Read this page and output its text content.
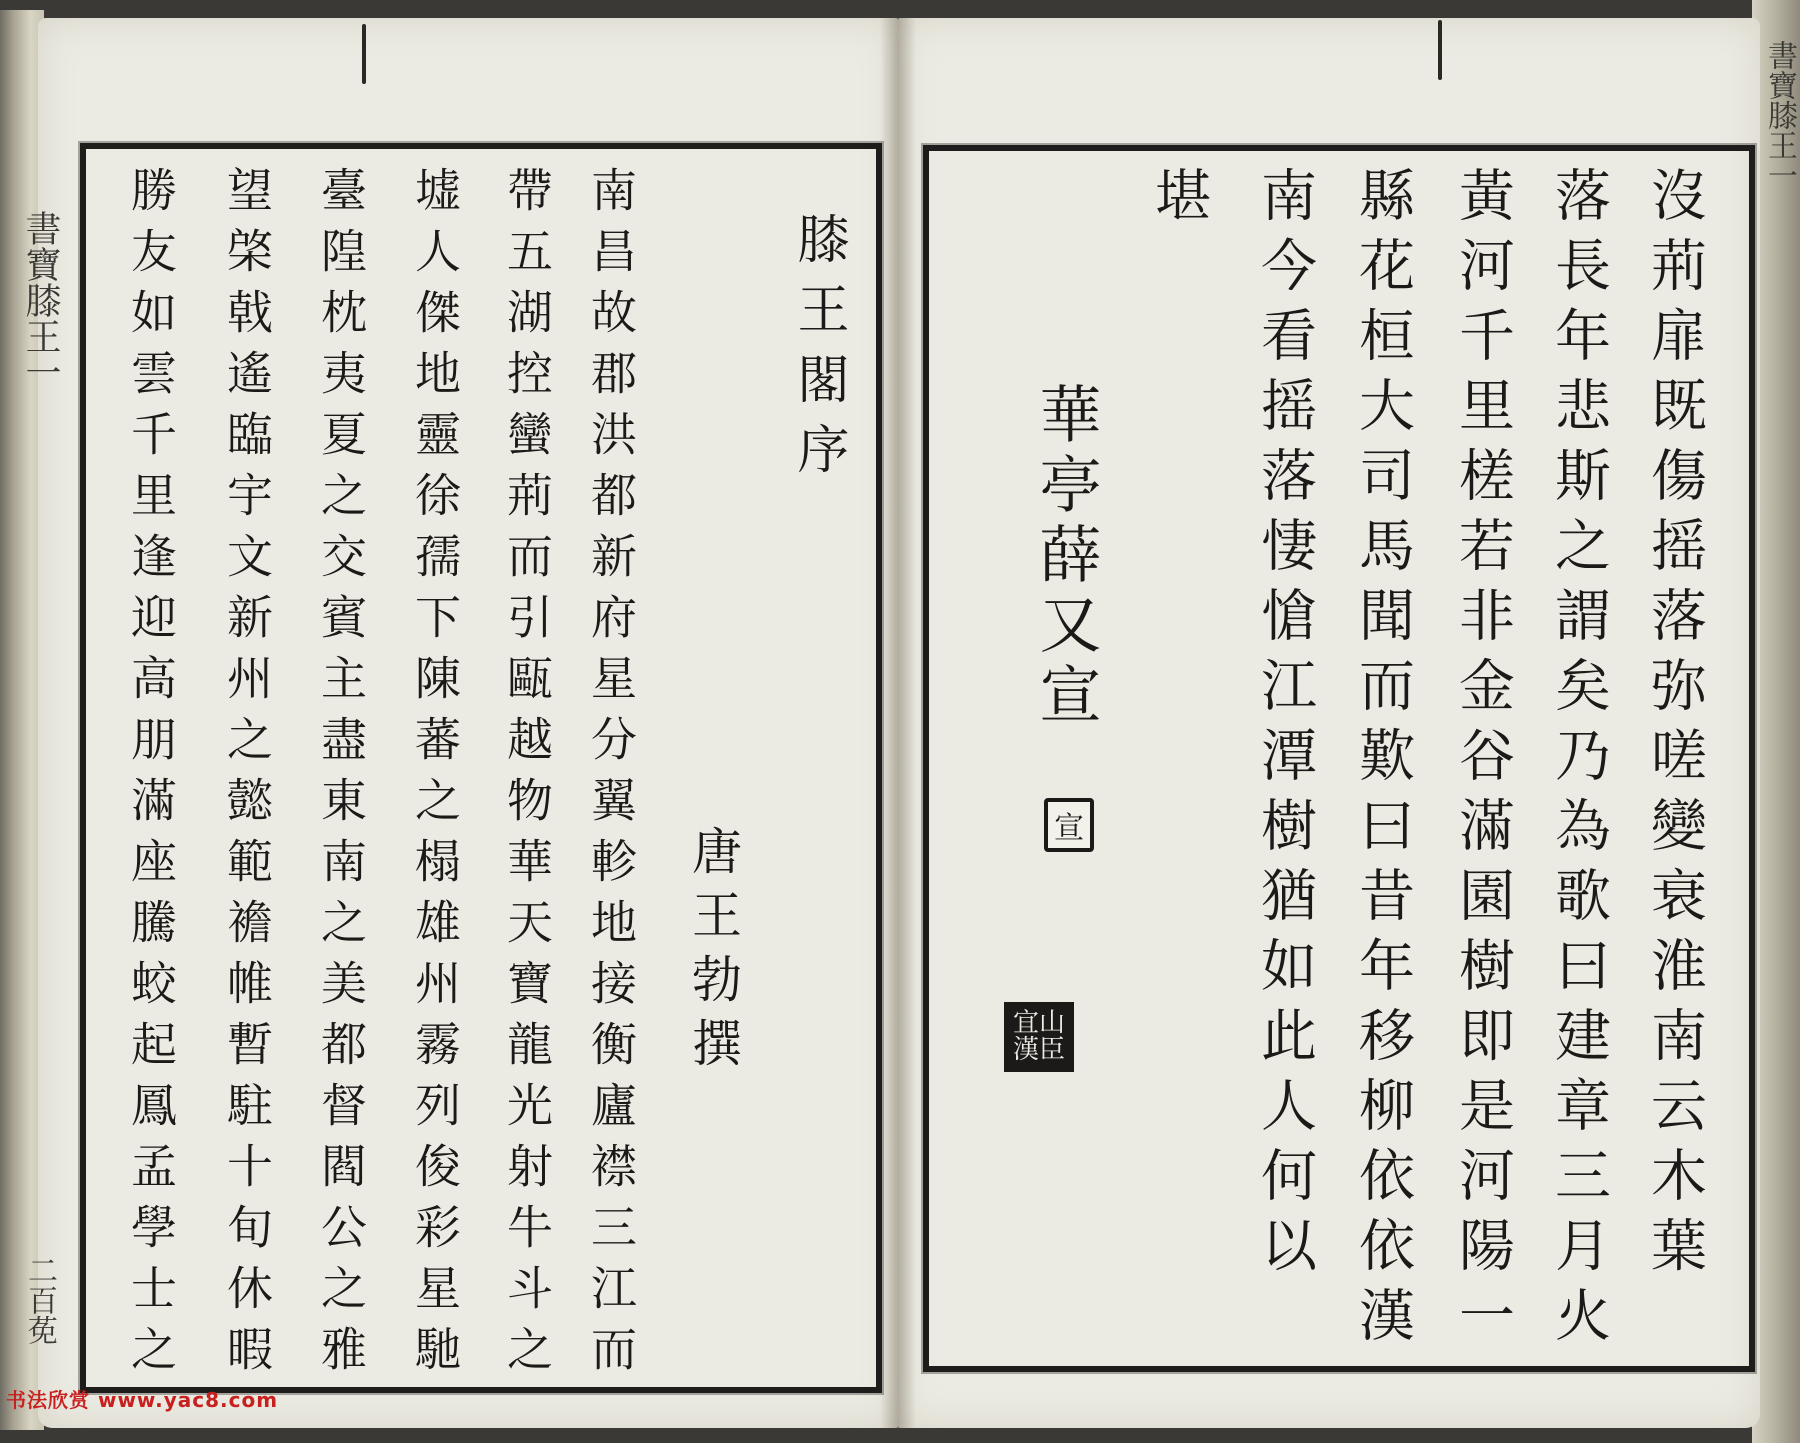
書寶膝王一
二百莬
書寶膝王一
膝王閣序
唐王勃撰
南昌故郡洪都新府星分翼軫地接衡廬襟三江而
帶五湖控蠻荊而引甌越物華天寶龍光射牛斗之
墟人傑地靈徐孺下陳蕃之榻雄州霧列俊彩星馳
臺隍枕夷夏之交賓主盡東南之美都督閻公之雅
望棨戟遙臨宇文新州之懿範襜帷暫駐十旬休暇
勝友如雲千里逢迎高朋滿座騰蛟起鳳孟學士之	沒荊扉既傷摇落弥嗟變衰淮南云木葉
落長年悲斯之謂矣乃為歌曰建章三月火
黃河千里槎若非金谷滿園樹即是河陽一
縣花桓大司馬聞而歎曰昔年移柳依依漢
南今看摇落悽愴江潭樹猶如此人何以
堪
華亭薛又宣
宣
宜山漢臣
书法欣赏 www.yac8.com
